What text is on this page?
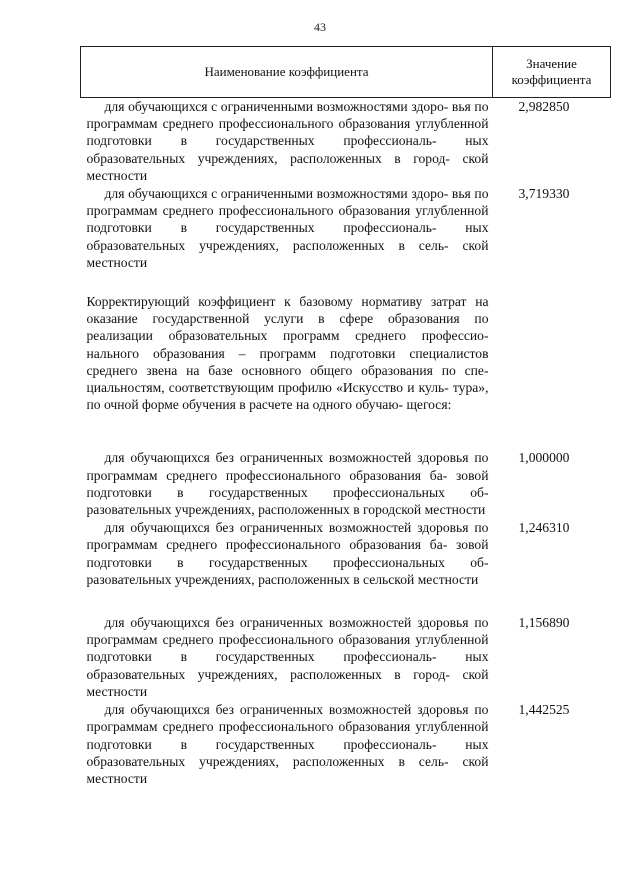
43
Наименование коэффициента	Значение
коэффициента

для обучающихся с ограниченными возможностями здоро- вья по программам среднего профессионального образования углубленной подготовки в государственных профессиональ- ных образовательных учреждениях, расположенных в город- ской местности	2,982850

для обучающихся с ограниченными возможностями здоро- вья по программам среднего профессионального образования углубленной подготовки в государственных профессиональ- ных образовательных учреждениях, расположенных в сель- ской местности	3,719330

Корректирующий коэффициент к базовому нормативу затрат на оказание государственной услуги в сфере образования по реализации образовательных программ среднего профессио- нального образования – программ подготовки специалистов среднего звена на базе основного общего образования по спе- циальностям, соответствующим профилю «Искусство и куль- тура», по очной форме обучения в расчете на одного обучаю- щегося:	

для обучающихся без ограниченных возможностей здоровья по программам среднего профессионального образования ба- зовой подготовки в государственных профессиональных об- разовательных учреждениях, расположенных в городской местности	1,000000

для обучающихся без ограниченных возможностей здоровья по программам среднего профессионального образования ба- зовой подготовки в государственных профессиональных об- разовательных учреждениях, расположенных в сельской местности	1,246310

для обучающихся без ограниченных возможностей здоровья по программам среднего профессионального образования углубленной подготовки в государственных профессиональ- ных образовательных учреждениях, расположенных в город- ской местности	1,156890

для обучающихся без ограниченных возможностей здоровья по программам среднего профессионального образования углубленной подготовки в государственных профессиональ- ных образовательных учреждениях, расположенных в сель- ской местности	1,442525
